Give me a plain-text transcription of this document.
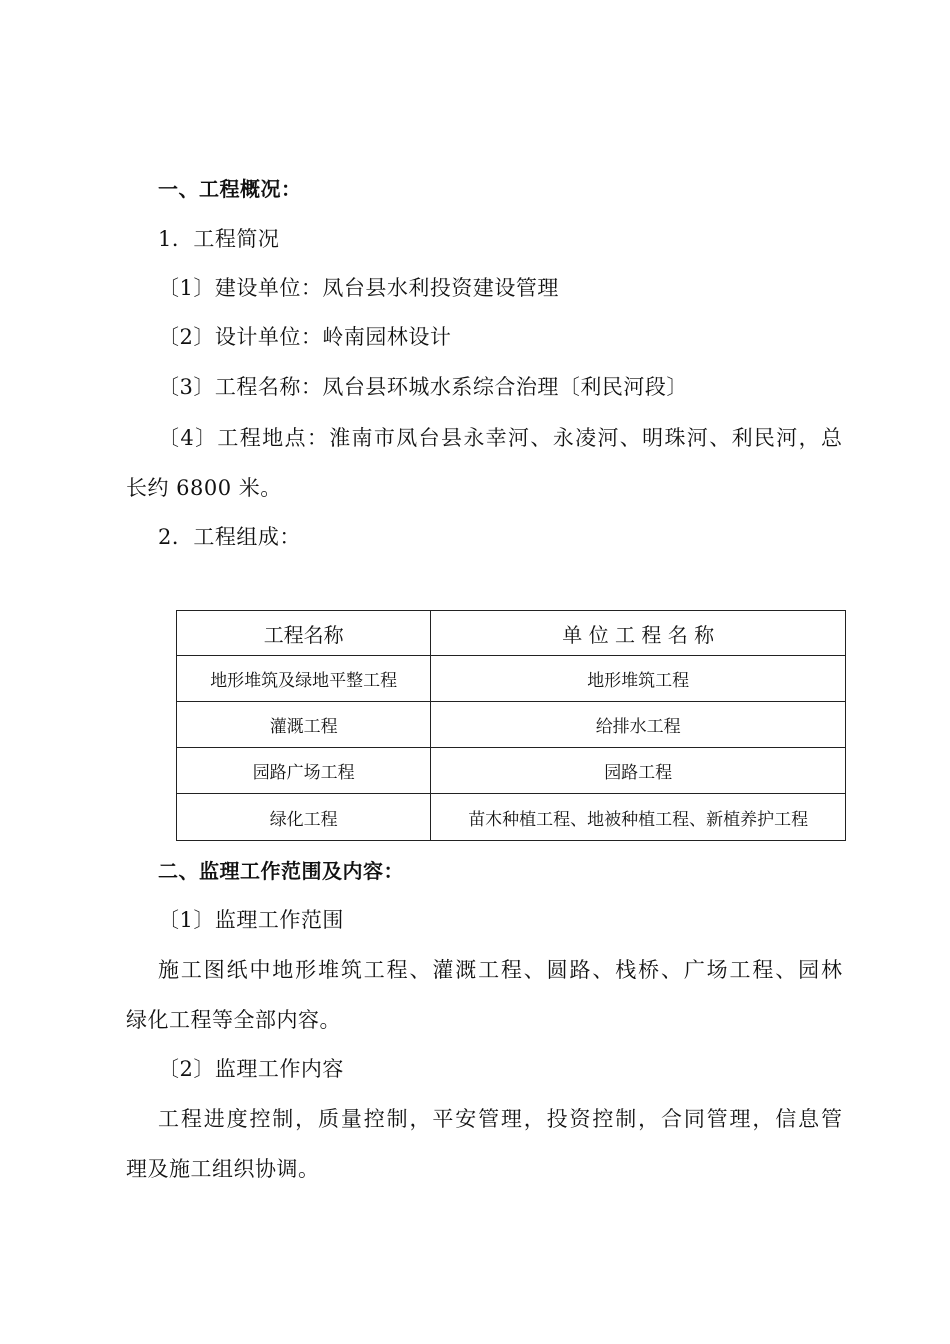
一、工程概况：
1．工程简况
〔1〕建设单位：凤台县水利投资建设管理
〔2〕设计单位：岭南园林设计
〔3〕工程名称：凤台县环城水系综合治理〔利民河段〕
〔4〕工程地点：淮南市凤台县永幸河、永凌河、明珠河、利民河，总
长约 6800 米。
2．工程组成：
工程名称	单 位 工 程 名 称
地形堆筑及绿地平整工程	地形堆筑工程
灌溉工程	给排水工程
园路广场工程	园路工程
绿化工程	苗木种植工程、地被种植工程、新植养护工程
二、监理工作范围及内容：
〔1〕监理工作范围
施工图纸中地形堆筑工程、灌溉工程、圆路、栈桥、广场工程、园林
绿化工程等全部内容。
〔2〕监理工作内容
工程进度控制，质量控制，平安管理，投资控制，合同管理，信息管
理及施工组织协调。
